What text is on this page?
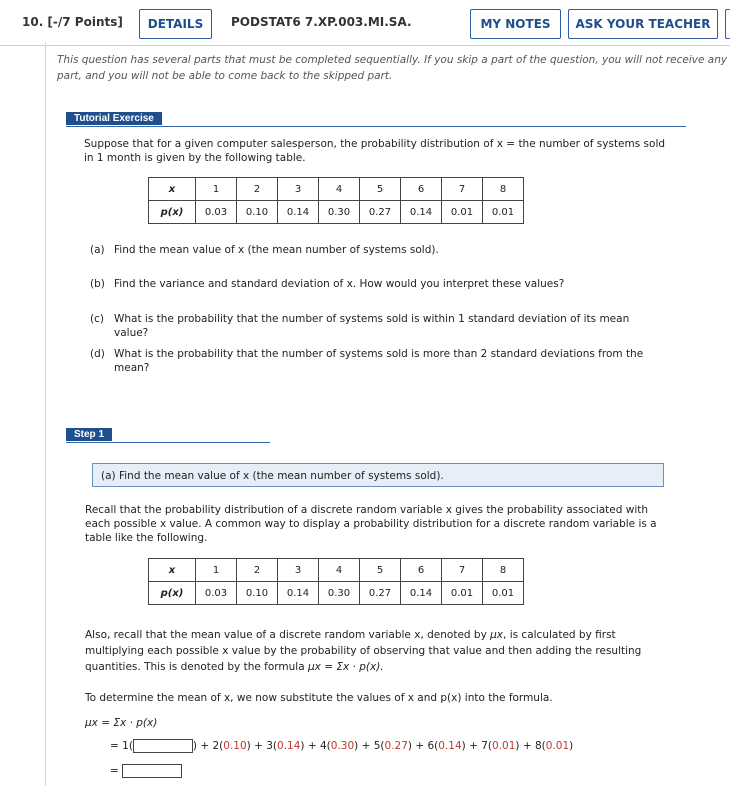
10. [-/7 Points]	DETAILS	PODSTAT6 7.XP.003.MI.SA.	MY NOTES	ASK YOUR TEACHER
This question has several parts that must be completed sequentially. If you skip a part of the question, you will not receive any part, and you will not be able to come back to the skipped part.
Tutorial Exercise
Suppose that for a given computer salesperson, the probability distribution of x = the number of systems sold in 1 month is given by the following table.
x	1	2	3	4	5	6	7	8
p(x)	0.03	0.10	0.14	0.30	0.27	0.14	0.01	0.01
(a) Find the mean value of x (the mean number of systems sold).
(b) Find the variance and standard deviation of x. How would you interpret these values?
(c) What is the probability that the number of systems sold is within 1 standard deviation of its mean value?
(d) What is the probability that the number of systems sold is more than 2 standard deviations from the mean?
Step 1
(a) Find the mean value of x (the mean number of systems sold).
Recall that the probability distribution of a discrete random variable x gives the probability associated with each possible x value. A common way to display a probability distribution for a discrete random variable is a table like the following.
x	1	2	3	4	5	6	7	8
p(x)	0.03	0.10	0.14	0.30	0.27	0.14	0.01	0.01
Also, recall that the mean value of a discrete random variable x, denoted by μx, is calculated by first multiplying each possible x value by the probability of observing that value and then adding the resulting quantities. This is denoted by the formula μx = Σx · p(x).
To determine the mean of x, we now substitute the values of x and p(x) into the formula.
μx = Σx · p(x)
= 1(	) + 2(0.10) + 3(0.14) + 4(0.30) + 5(0.27) + 6(0.14) + 7(0.01) + 8(0.01)
=
